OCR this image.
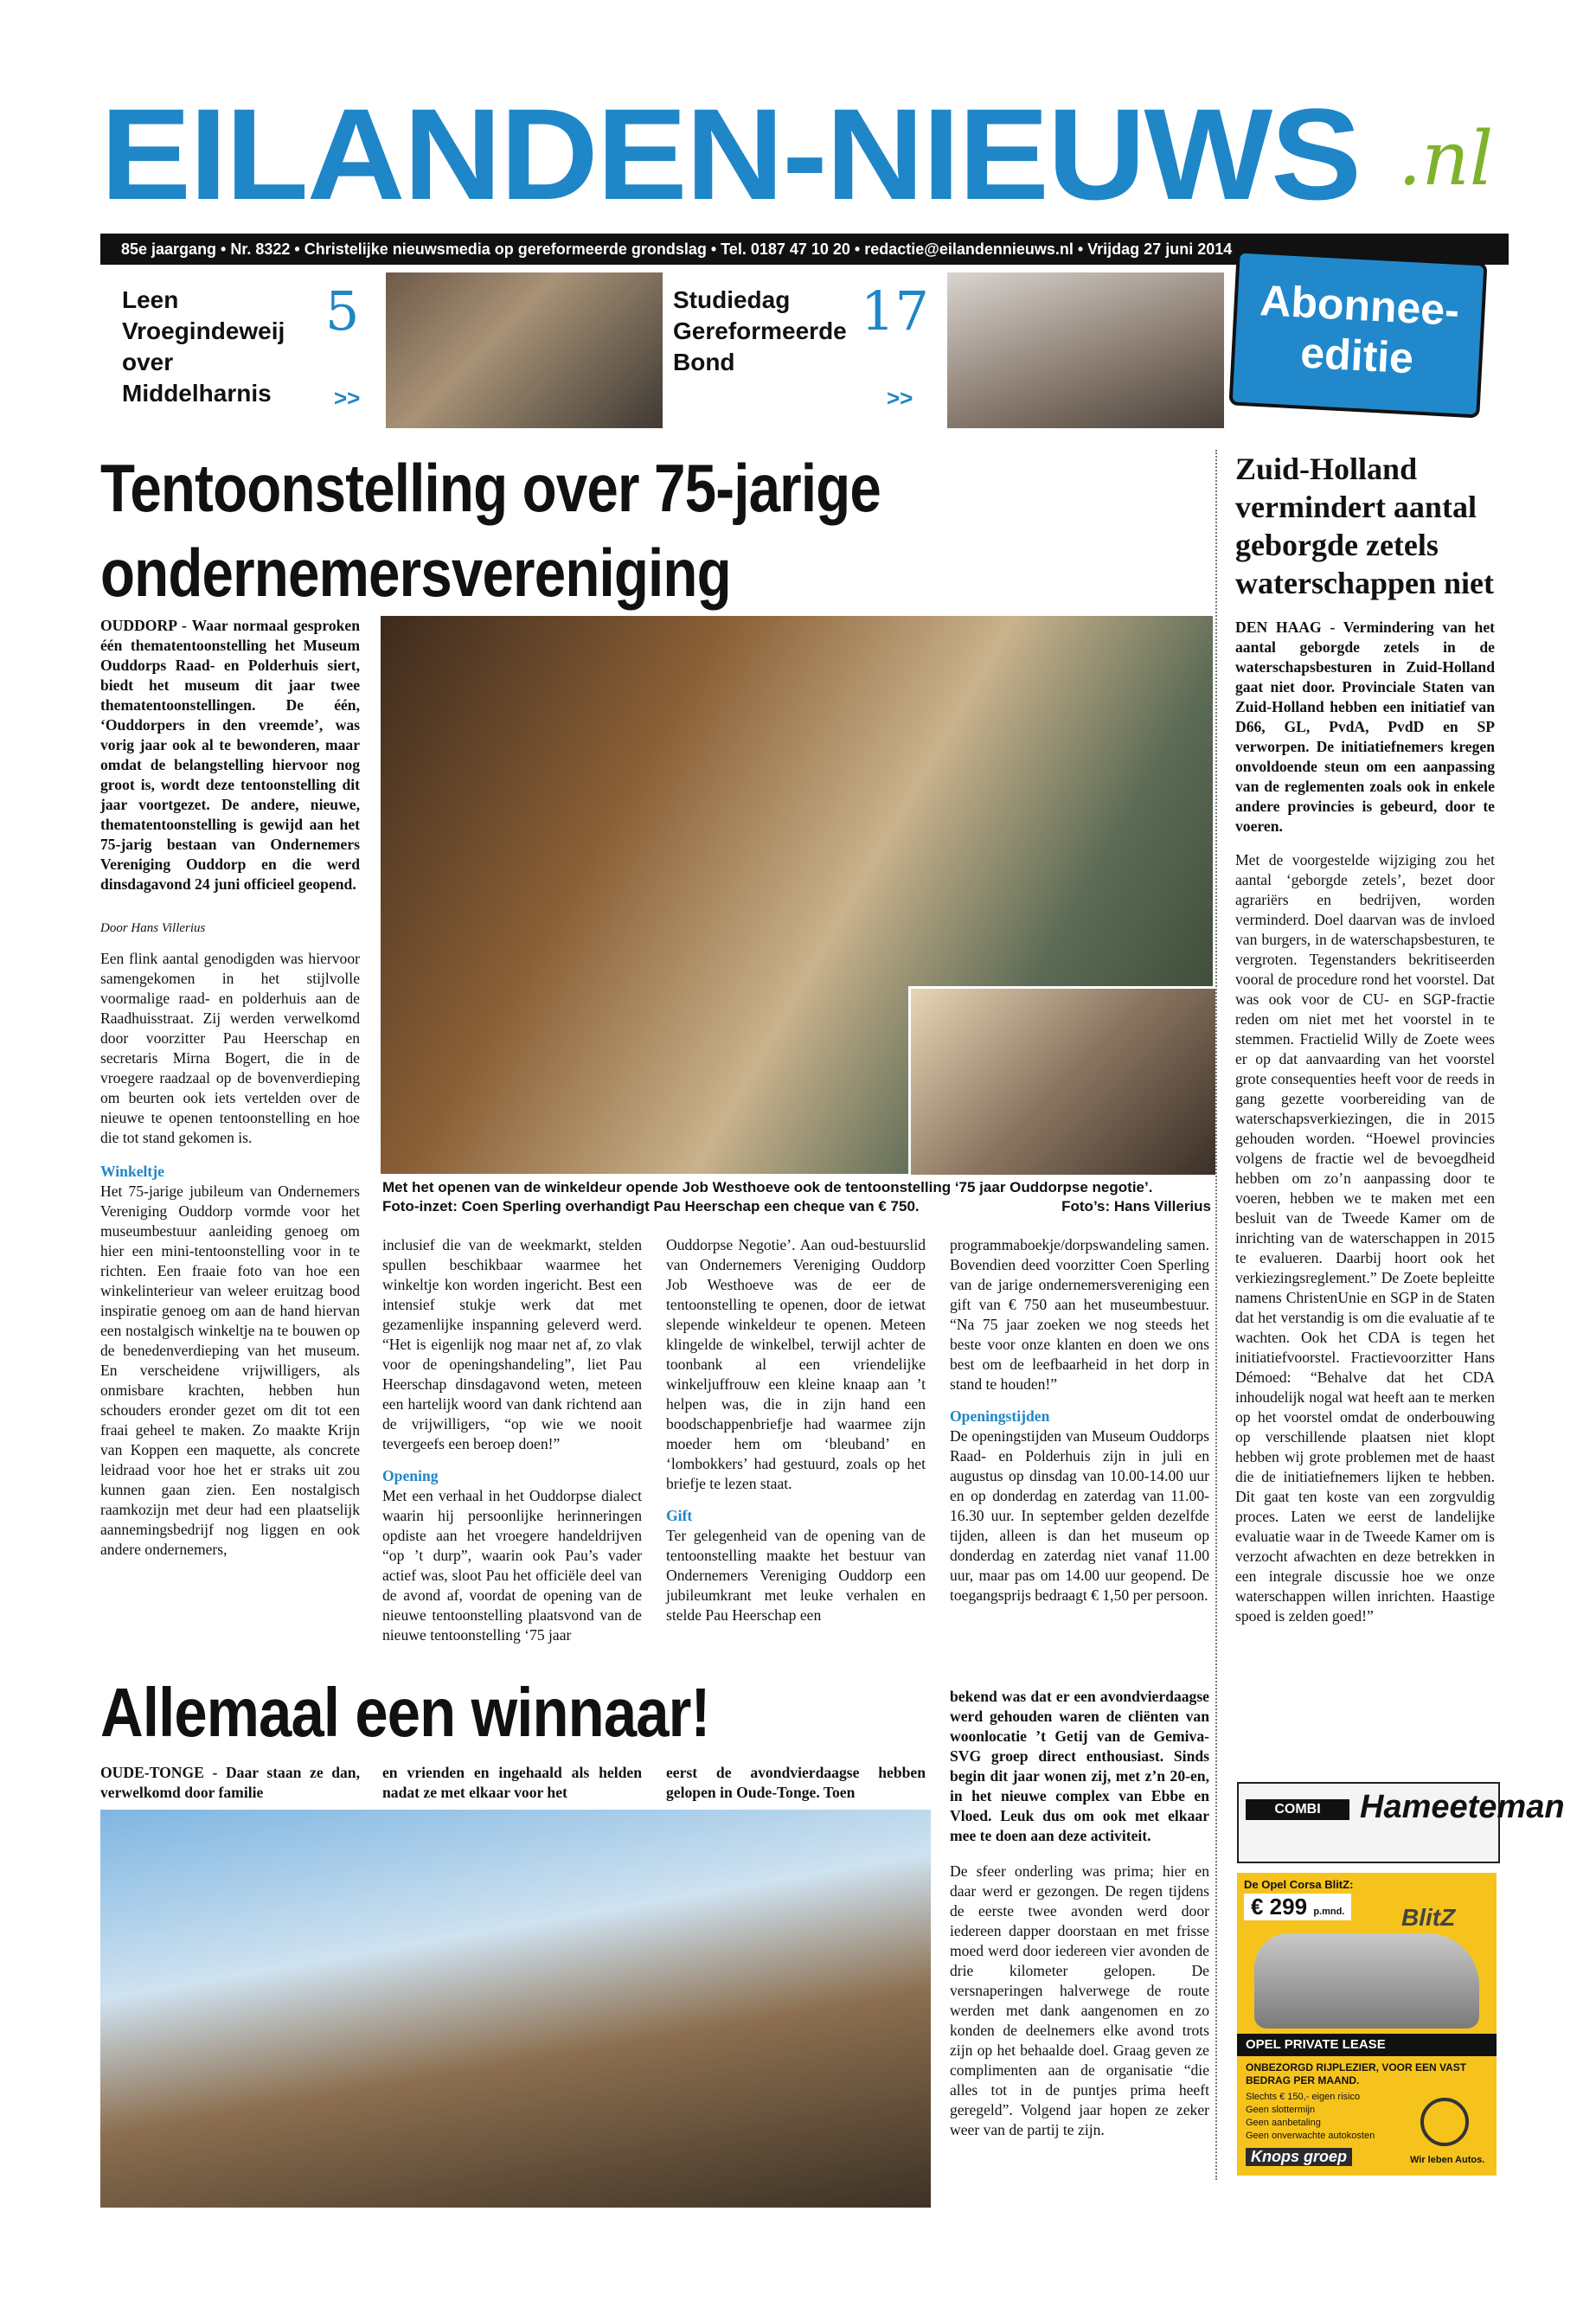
EILANDEN-NIEUWS .nl
85e jaargang • Nr. 8322 • Christelijke nieuwsmedia op gereformeerde grondslag • Tel. 0187 47 10 20 • redactie@eilandennieuws.nl • Vrijdag 27 juni 2014
Leen Vroegindeweij over Middelharnis
5
>>
Studiedag Gereformeerde Bond
17
>>
Abonnee-
editie
Tentoonstelling over 75-jarige
ondernemersvereniging

OUDDORP - Waar normaal gesproken één thematentoonstelling het Museum Ouddorps Raad- en Polderhuis siert, biedt het museum dit jaar twee thematentoonstellingen. De één, ‘Ouddorpers in den vreemde’, was vorig jaar ook al te bewonderen, maar omdat de belangstelling hiervoor nog groot is, wordt deze tentoonstelling dit jaar voortgezet. De andere, nieuwe, thematentoonstelling is gewijd aan het 75-jarig bestaan van Ondernemers Vereniging Ouddorp en die werd dinsdagavond 24 juni officieel geopend.

Door Hans Villerius

Een flink aantal genodigden was hiervoor samengekomen in het stijlvolle voormalige raad- en polderhuis aan de Raadhuisstraat. Zij werden verwelkomd door voorzitter Pau Heerschap en secretaris Mirna Bogert, die in de vroegere raadzaal op de bovenverdieping om beurten ook iets vertelden over de nieuwe te openen tentoonstelling en hoe die tot stand gekomen is.

Winkeltje

Het 75-jarige jubileum van Ondernemers Vereniging Ouddorp vormde voor het museumbestuur aanleiding genoeg om hier een mini-tentoonstelling voor in te richten. Een fraaie foto van hoe een winkelinterieur van weleer eruitzag bood inspiratie genoeg om aan de hand hiervan een nostalgisch winkeltje na te bouwen op de benedenverdieping van het museum. En verscheidene vrijwilligers, als onmisbare krachten, hebben hun schouders eronder gezet om dit tot een fraai geheel te maken. Zo maakte Krijn van Koppen een maquette, als concrete leidraad voor hoe het er straks uit zou kunnen gaan zien. Een nostalgisch raamkozijn met deur had een plaatselijk aannemingsbedrijf nog liggen en ook andere ondernemers,

Met het openen van de winkeldeur opende Job Westhoeve ook de tentoonstelling ‘75 jaar Ouddorpse negotie’.
Foto-inzet: Coen Sperling overhandigt Pau Heerschap een cheque van € 750.	Foto’s: Hans Villerius

inclusief die van de weekmarkt, stelden spullen beschikbaar waarmee het winkeltje kon worden ingericht. Best een intensief stukje werk dat met gezamenlijke inspanning geleverd werd. “Het is eigenlijk nog maar net af, zo vlak voor de openingshandeling”, liet Pau Heerschap dinsdagavond weten, meteen een hartelijk woord van dank richtend aan de vrijwilligers, “op wie we nooit tevergeefs een beroep doen!”

Opening

Met een verhaal in het Ouddorpse dialect waarin hij persoonlijke herinneringen opdiste aan het vroegere handeldrijven “op ’t durp”, waarin ook Pau’s vader actief was, sloot Pau het officiële deel van de avond af, voordat de opening van de nieuwe tentoonstelling plaatsvond van de nieuwe tentoonstelling ‘75 jaar

Ouddorpse Negotie’. Aan oud-bestuurslid van Ondernemers Vereniging Ouddorp Job Westhoeve was de eer de tentoonstelling te openen, door de ietwat slepende winkeldeur te openen. Meteen klingelde de winkelbel, terwijl achter de toonbank al een vriendelijke winkeljuffrouw een kleine knaap aan ’t helpen was, die in zijn hand een boodschappenbriefje had waarmee zijn moeder hem om ‘bleuband’ en ‘lombokkers’ had gestuurd, zoals op het briefje te lezen staat.

Gift

Ter gelegenheid van de opening van de tentoonstelling maakte het bestuur van Ondernemers Vereniging Ouddorp een jubileumkrant met leuke verhalen en stelde Pau Heerschap een

programmaboekje/dorpswandeling samen. Bovendien deed voorzitter Coen Sperling van de jarige ondernemersvereniging een gift van € 750 aan het museumbestuur. “Na 75 jaar zoeken we nog steeds het beste voor onze klanten en doen we ons best om de leefbaarheid in het dorp in stand te houden!”

Openingstijden

De openingstijden van Museum Ouddorps Raad- en Polderhuis zijn in juli en augustus op dinsdag van 10.00-14.00 uur en op donderdag en zaterdag van 11.00-16.30 uur. In september gelden dezelfde tijden, alleen is dan het museum op donderdag en zaterdag niet vanaf 11.00 uur, maar pas om 14.00 uur geopend. De toegangsprijs bedraagt € 1,50 per persoon.

Zuid-Holland vermindert aantal geborgde zetels waterschappen niet

DEN HAAG - Vermindering van het aantal geborgde zetels in de waterschapsbesturen in Zuid-Holland gaat niet door. Provinciale Staten van Zuid-Holland hebben een initiatief van D66, GL, PvdA, PvdD en SP verworpen. De initiatiefnemers kregen onvoldoende steun om een aanpassing van de reglementen zoals ook in enkele andere provincies is gebeurd, door te voeren.

Met de voorgestelde wijziging zou het aantal ‘geborgde zetels’, bezet door agrariërs en bedrijven, worden verminderd. Doel daarvan was de invloed van burgers, in de waterschapsbesturen, te vergroten. Tegenstanders bekritiseerden vooral de procedure rond het voorstel. Dat was ook voor de CU- en SGP-fractie reden om niet met het voorstel in te stemmen. Fractielid Willy de Zoete wees er op dat aanvaarding van het voorstel grote consequenties heeft voor de reeds in gang gezette voorbereiding van de waterschapsverkiezingen, die in 2015 gehouden worden. “Hoewel provincies volgens de fractie wel de bevoegdheid hebben om zo’n aanpassing door te voeren, hebben we te maken met een besluit van de Tweede Kamer om de inrichting van de waterschappen in 2015 te evalueren. Daarbij hoort ook het verkiezingsreglement.” De Zoete bepleitte namens ChristenUnie en SGP in de Staten dat het verstandig is om die evaluatie af te wachten. Ook het CDA is tegen het initiatiefvoorstel. Fractievoorzitter Hans Démoed: “Behalve dat het CDA inhoudelijk nogal wat heeft aan te merken op het voorstel omdat de onderbouwing op verschillende plaatsen niet klopt hebben wij grote problemen met de haast die de initiatiefnemers lijken te hebben. Dit gaat ten koste van een zorgvuldig proces. Laten we eerst de landelijke evaluatie waar in de Tweede Kamer om is verzocht afwachten en deze betrekken in een integrale discussie hoe we onze waterschappen willen inrichten. Haastige spoed is zelden goed!”

Allemaal een winnaar!
OUDE-TONGE - Daar staan ze dan, verwelkomd door familie
en vrienden en ingehaald als helden nadat ze met elkaar voor het
eerst de avondvierdaagse hebben gelopen in Oude-Tonge. Toen

bekend was dat er een avondvierdaagse werd gehouden waren de cliënten van woonlocatie ’t Getij van de Gemiva-SVG groep direct enthousiast. Sinds begin dit jaar wonen zij, met z’n 20-en, in het nieuwe complex van Ebbe en Vloed. Leuk dus om ook met elkaar mee te doen aan deze activiteit.

De sfeer onderling was prima; hier en daar werd er gezongen. De regen tijdens de eerste twee avonden werd door iedereen dapper doorstaan en met frisse moed werd door iedereen vier avonden de drie kilometer gelopen. De versnaperingen halverwege de route werden met dank aangenomen en zo konden de deelnemers elke avond trots zijn op het behaalde doel. Graag geven ze complimenten aan de organisatie “die alles tot in de puntjes prima heeft geregeld”. Volgend jaar hopen ze zeker weer van de partij te zijn.

COMBI	Hameeteman
De Opel Corsa BlitZ:
€ 299 p.mnd. BlitZ
OPEL PRIVATE LEASE
ONBEZORGD RIJPLEZIER, VOOR EEN VAST BEDRAG PER MAAND.
Slechts € 150,- eigen risico
Geen slottermijn
Geen aanbetaling
Geen onverwachte autokosten
Knops groep	Wir leben Autos.
